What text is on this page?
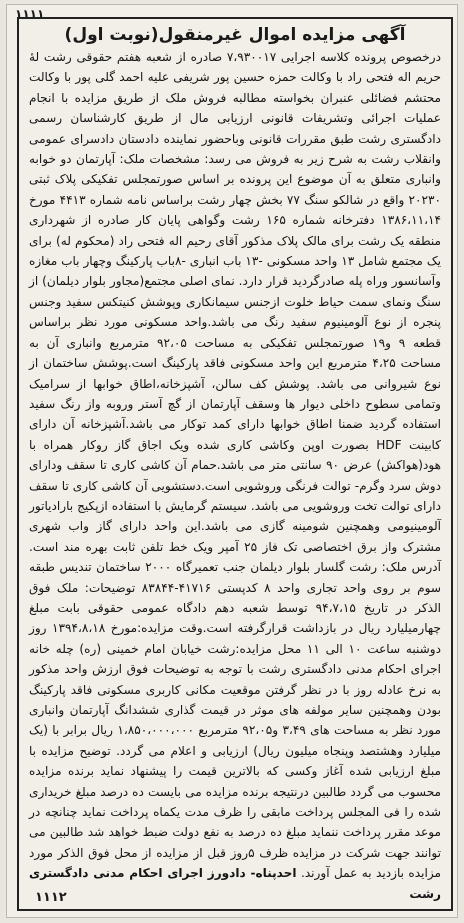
۱۱۱۱
آگهی مزایده اموال غیرمنقول(نوبت اول)
درخصوص پرونده کلاسه اجرایی ۷،۹۳۰۰۱۷ صادره از شعبه هفتم حقوقی رشت لهٔ حریم اله فتحی راد با وکالت حمزه حسین پور شریفی علیه احمد گلی پور با وکالت محتشم فضائلی عنبران بخواسته مطالبه فروش ملک از طریق مزایده با انجام عملیات اجرائی وتشریفات قانونی ارزیابی مال از طریق کارشناسان رسمی دادگستری رشت طبق مقررات قانونی وباحضور نماینده دادستان دادسرای عمومی وانقلاب رشت به شرح زیر به فروش می رسد: مشخصات ملک: آپارتمان دو خوابه وانباری متعلق به آن موضوع این پرونده بر اساس صورتمجلس تفکیکی پلاک ثبتی ۲۰۲۳۰ واقع در شالکو سنگ ۷۷ بخش چهار رشت براساس نامه شماره ۴۴۱۳ مورخ ۱۳۸۶،۱۱،۱۴ دفترخانه شماره ۱۶۵ رشت وگواهی پایان کار صادره از شهرداری منطقه یک رشت برای مالک پلاک مذکور آقای رحیم اله فتحی راد (محکوم له) برای یک مجتمع شامل ۱۳ واحد مسکونی -۱۳ باب انباری -۸باب پارکینگ وچهار باب مغازه وآسانسور وراه پله صادرگردید قرار دارد. نمای اصلی مجتمع(مجاور بلوار دیلمان) از سنگ ونمای سمت حیاط خلوت ازجنس سیمانکاری وپوشش کنیتکس سفید وجنس پنجره از نوع آلومینیوم سفید رنگ می باشد.واحد مسکونی مورد نظر براساس قطعه ۹ و۱۹ صورتمجلس تفکیکی به مساحت ۹۲،۰۵ مترمربع وانباری آن به مساحت ۴،۲۵ مترمربع این واحد مسکونی فاقد پارکینگ است.پوشش ساختمان از نوع شیروانی می باشد. پوشش کف سالن، آشپزخانه،اطاق خوابها از سرامیک وتمامی سطوح داخلی دیوار ها وسقف آپارتمان از گچ آستر وروبه واز رنگ سفید استفاده گردید ضمنا اطاق خوابها دارای کمد توکار می باشد.آشپزخانه آن دارای کابینت HDF بصورت اوپن وکاشی کاری شده ویک اجاق گاز روکار همراه با هود(هواکش) عرض ۹۰ سانتی متر می باشد.حمام آن کاشی کاری تا سقف ودارای دوش سرد وگرم- توالت فرنگی وروشویی است.دستشویی آن کاشی کاری تا سقف دارای توالت تخت وروشویی می باشد. سیستم گرمایش با استفاده ازپکیج بارادیاتور آلومینیومی وهمچنین شومینه گازی می باشد.این واحد دارای گاز واب شهری مشترک واز برق اختصاصی تک فاز ۲۵ آمپر ویک خط تلفن ثابت بهره مند است. آدرس ملک: رشت گلسار بلوار دیلمان جنب تعمیرگاه ۲۰۰۰ ساختمان تندیس طبقه سوم بر روی واحد تجاری واحد ۸ کدپستی ۴۱۷۱۶-۸۳۸۴۴ توضیحات: ملک فوق الذکر در تاریخ ۹۴،۷،۱۵ توسط شعبه دهم دادگاه عمومی حقوقی بابت مبلغ چهارمیلیارد ریال در بازداشت قرارگرفته است.وقت مزایده:مورخ ۱۳۹۴،۸،۱۸ روز دوشنبه ساعت ۱۰ الی ۱۱ محل مزایده:رشت خیابان امام خمینی (ره) چله خانه اجرای احکام مدنی دادگستری رشت با توجه به توضیحات فوق ارزش واحد مذکور به نرخ عادله روز با در نظر گرفتن موقعیت مکانی کاربری مسکونی فاقد پارکینگ بودن وهمچنین سایر مولفه های موثر در قیمت گذاری ششدانگ آپارتمان وانباری مورد نظر به مساحت های ۳،۴۹ و۹۲،۰۵ مترمربع ۱،۸۵۰،۰۰۰،۰۰۰ ریال برابر با (یک میلیارد وهشتصد وپنجاه میلیون ریال) ارزیابی و اعلام می گردد. توضیح مزایده با مبلغ ارزیابی شده آغاز وکسی که بالاترین قیمت را پیشنهاد نماید برنده مزایده محسوب می گردد طالبین درنتیجه برنده مزایده می بایست ده درصد مبلغ خریداری شده را فی المجلس پرداخت مابقی را ظرف مدت یکماه پرداخت نماید چنانچه در موعد مقرر پرداخت ننماید مبلغ ده درصد به نفع دولت ضبط خواهد شد طالبین می توانند جهت شرکت در مزایده ظرف ۵روز قبل از مزایده از محل فوق الذکر مورد مزایده بازدید به عمل آورند. احدپناه- دادورز اجرای احکام مدنی دادگستری رشت
۱۱۱۲
